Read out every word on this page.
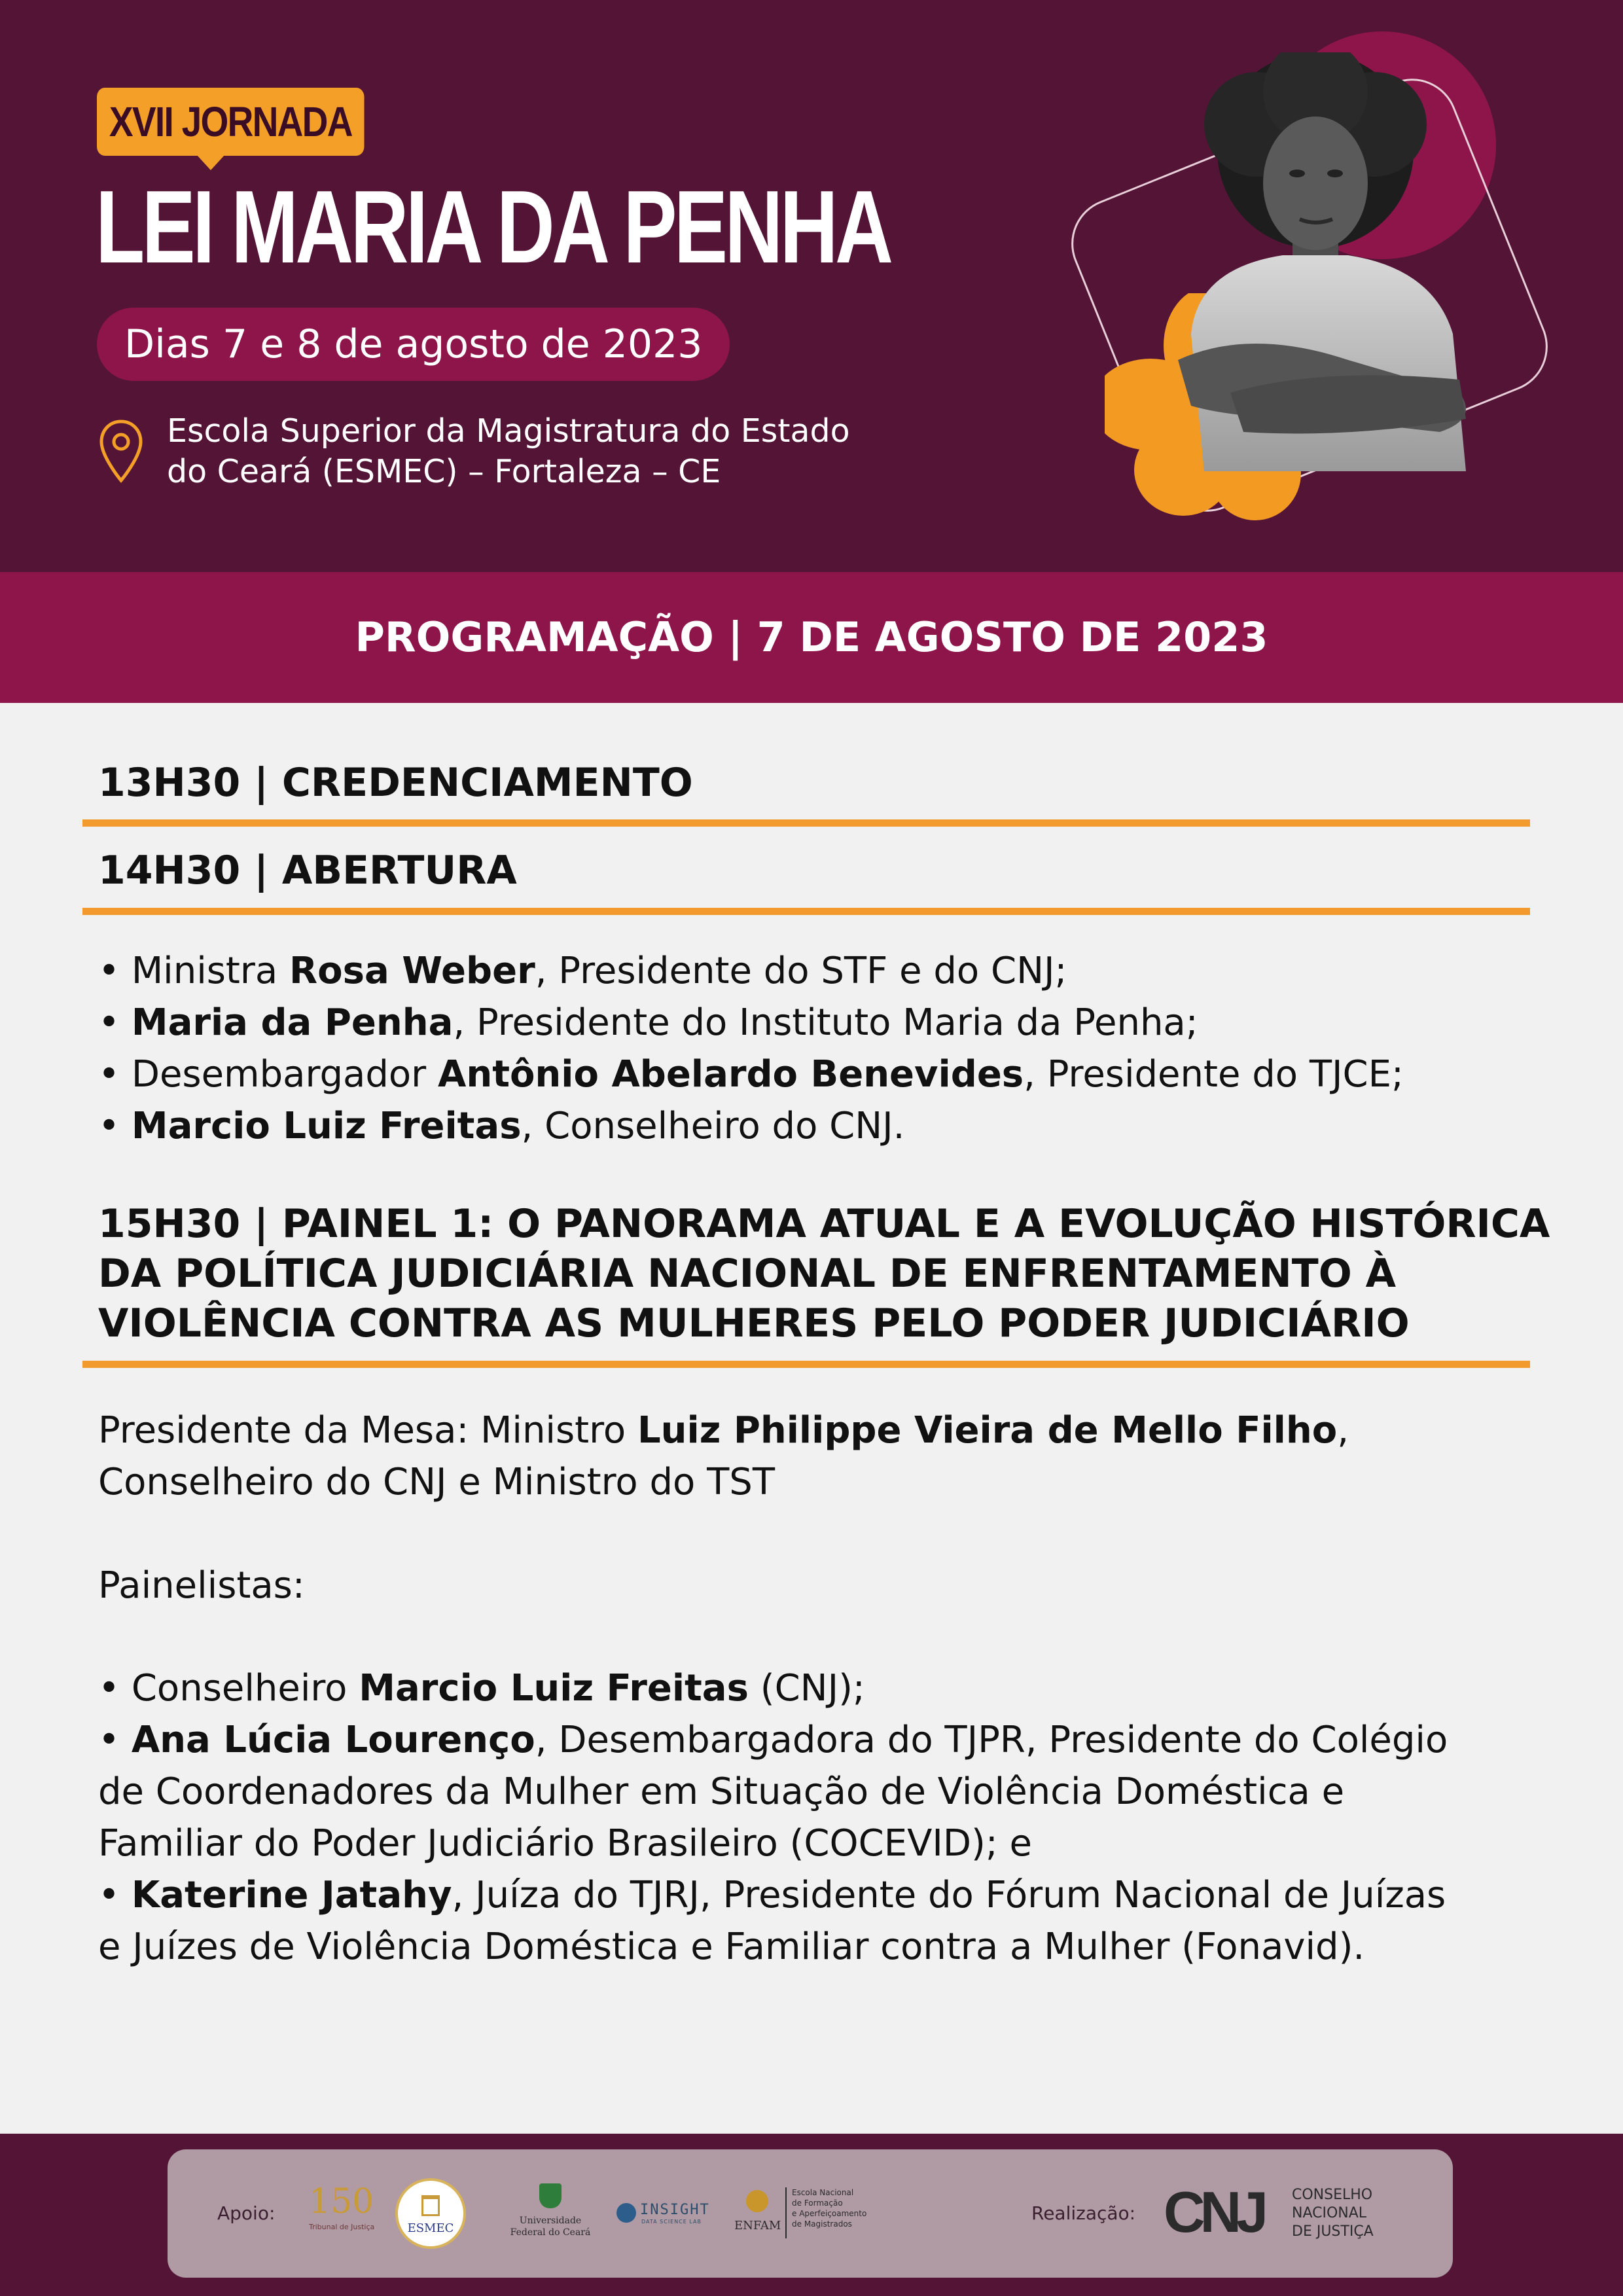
XVII JORNADA
LEI MARIA DA PENHA
Dias 7 e 8 de agosto de 2023
Escola Superior da Magistratura do Estado
do Ceará (ESMEC) – Fortaleza – CE
PROGRAMAÇÃO | 7 DE AGOSTO DE 2023
13H30 | CREDENCIAMENTO
14H30 | ABERTURA
• Ministra Rosa Weber, Presidente do STF e do CNJ;
• Maria da Penha, Presidente do Instituto Maria da Penha;
• Desembargador Antônio Abelardo Benevides, Presidente do TJCE;
• Marcio Luiz Freitas, Conselheiro do CNJ.
15H30 | PAINEL 1: O PANORAMA ATUAL E A EVOLUÇÃO HISTÓRICA
DA POLÍTICA JUDICIÁRIA NACIONAL DE ENFRENTAMENTO À
VIOLÊNCIA CONTRA AS MULHERES PELO PODER JUDICIÁRIO
Presidente da Mesa: Ministro Luiz Philippe Vieira de Mello Filho,
Conselheiro do CNJ e Ministro do TST
Painelistas:
• Conselheiro Marcio Luiz Freitas (CNJ);
• Ana Lúcia Lourenço, Desembargadora do TJPR, Presidente do Colégio
de Coordenadores da Mulher em Situação de Violência Doméstica e
Familiar do Poder Judiciário Brasileiro (COCEVID); e
• Katerine Jatahy, Juíza do TJRJ, Presidente do Fórum Nacional de Juízas
e Juízes de Violência Doméstica e Familiar contra a Mulher (Fonavid).
Apoio: 150
Tribunal de Justiça	ESMEC
Universidade
Federal do Ceará
INSIGHT
DATA SCIENCE LAB	ENFAM
Escola Nacional
de Formação
e Aperfeiçoamento
de Magistrados	Realização: CNJ CONSELHO
NACIONAL
DE JUSTIÇA
